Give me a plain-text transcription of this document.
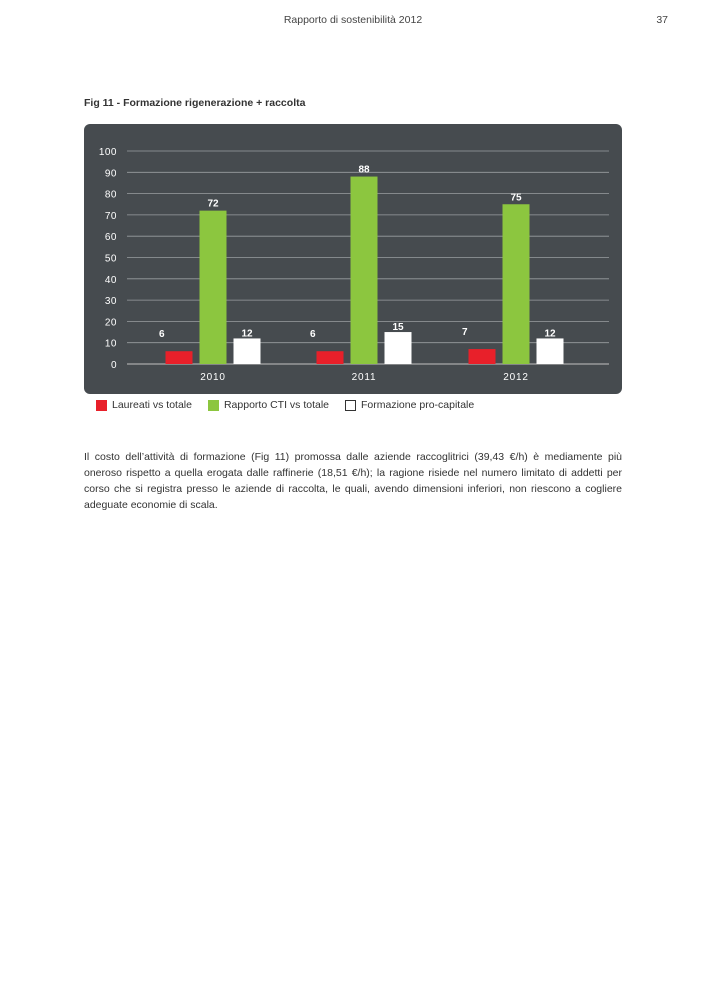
Rapporto di sostenibilità 2012	37
Fig 11 - Formazione rigenerazione + raccolta
0
10
20
30
40
50
60
70
80
90
100
6
72
12
2010
6
88
15
2011
7
75
12
2012
Laureati vs totale	Rapporto CTI vs totale	Formazione pro-capitale

Il costo dell’attività di formazione (Fig 11) promossa dalle aziende raccoglitrici (39,43 €/h) è mediamente più oneroso rispetto a quella erogata dalle raffinerie (18,51 €/h); la ragione risiede nel numero limitato di addetti per corso che si registra presso le aziende di raccolta, le quali, avendo dimensioni inferiori, non riescono a cogliere adeguate economie di scala.
